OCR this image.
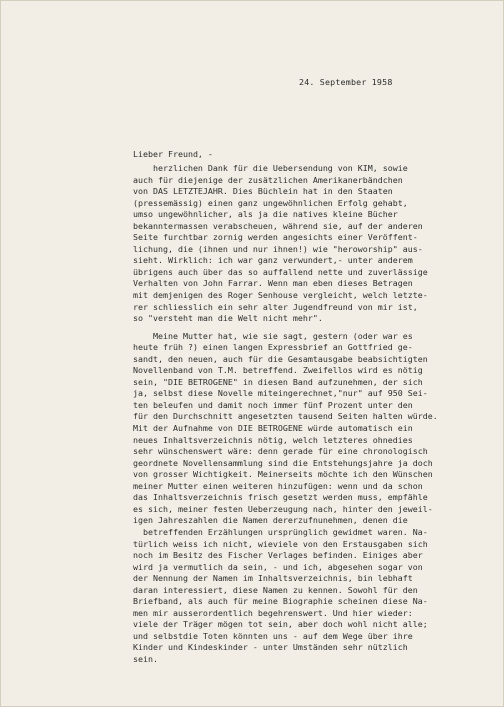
24. September 1958
Lieber Freund, -
herzlichen Dank für die Uebersendung von KIM, sowie
auch für diejenige der zusätzlichen Amerikanerbändchen
von DAS LETZTEJAHR. Dies Büchlein hat in den Staaten
(pressemässig) einen ganz ungewöhnlichen Erfolg gehabt,
umso ungewöhnlicher, als ja die natives kleine Bücher
bekanntermassen verabscheuen, während sie, auf der anderen
Seite furchtbar zornig werden angesichts einer Veröffent-
lichung, die (ihnen und nur ihnen!) wie "heroworship" aus-
sieht. Wirklich: ich war ganz verwundert,- unter anderem
übrigens auch über das so auffallend nette und zuverlässige
Verhalten von John Farrar. Wenn man eben dieses Betragen
mit demjenigen des Roger Senhouse vergleicht, welch letzte-
rer schliesslich ein sehr alter Jugendfreund von mir ist,
so "versteht man die Welt nicht mehr".
Meine Mutter hat, wie sie sagt, gestern (oder war es
heute früh ?) einen langen Expressbrief an Gottfried ge-
sandt, den neuen, auch für die Gesamtausgabe beabsichtigten
Novellenband von T.M. betreffend. Zweifellos wird es nötig
sein, "DIE BETROGENE" in diesen Band aufzunehmen, der sich
ja, selbst diese Novelle miteingerechnet,"nur" auf 950 Sei-
ten beleufen und damit noch immer fünf Prozent unter den
für den Durchschnitt angesetzten tausend Seiten halten würde.
Mit der Aufnahme von DIE BETROGENE würde automatisch ein
neues Inhaltsverzeichnis nötig, welch letzteres ohnedies
sehr wünschenswert wäre: denn gerade für eine chronologisch
geordnete Novellensammlung sind die Entstehungsjahre ja doch
von grosser Wichtigkeit. Meinerseits möchte ich den Wünschen
meiner Mutter einen weiteren hinzufügen: wenn und da schon
das Inhaltsverzeichnis frisch gesetzt werden muss, empfähle
es sich, meiner festen Ueberzeugung nach, hinter den jeweil-
igen Jahreszahlen die Namen dererzufnunehmen, denen die
betreffenden Erzählungen ursprünglich gewidmet waren. Na-
türlich weiss ich nicht, wieviele von den Erstausgaben sich
noch im Besitz des Fischer Verlages befinden. Einiges aber
wird ja vermutlich da sein, - und ich, abgesehen sogar von
der Nennung der Namen im Inhaltsverzeichnis, bin lebhaft
daran interessiert, diese Namen zu kennen. Sowohl für den
Briefband, als auch für meine Biographie scheinen diese Na-
men mir ausserordentlich begehrenswert. Und hier wieder:
viele der Träger mögen tot sein, aber doch wohl nicht alle;
und selbstdie Toten könnten uns - auf dem Wege über ihre
Kinder und Kindeskinder - unter Umständen sehr nützlich
sein.
